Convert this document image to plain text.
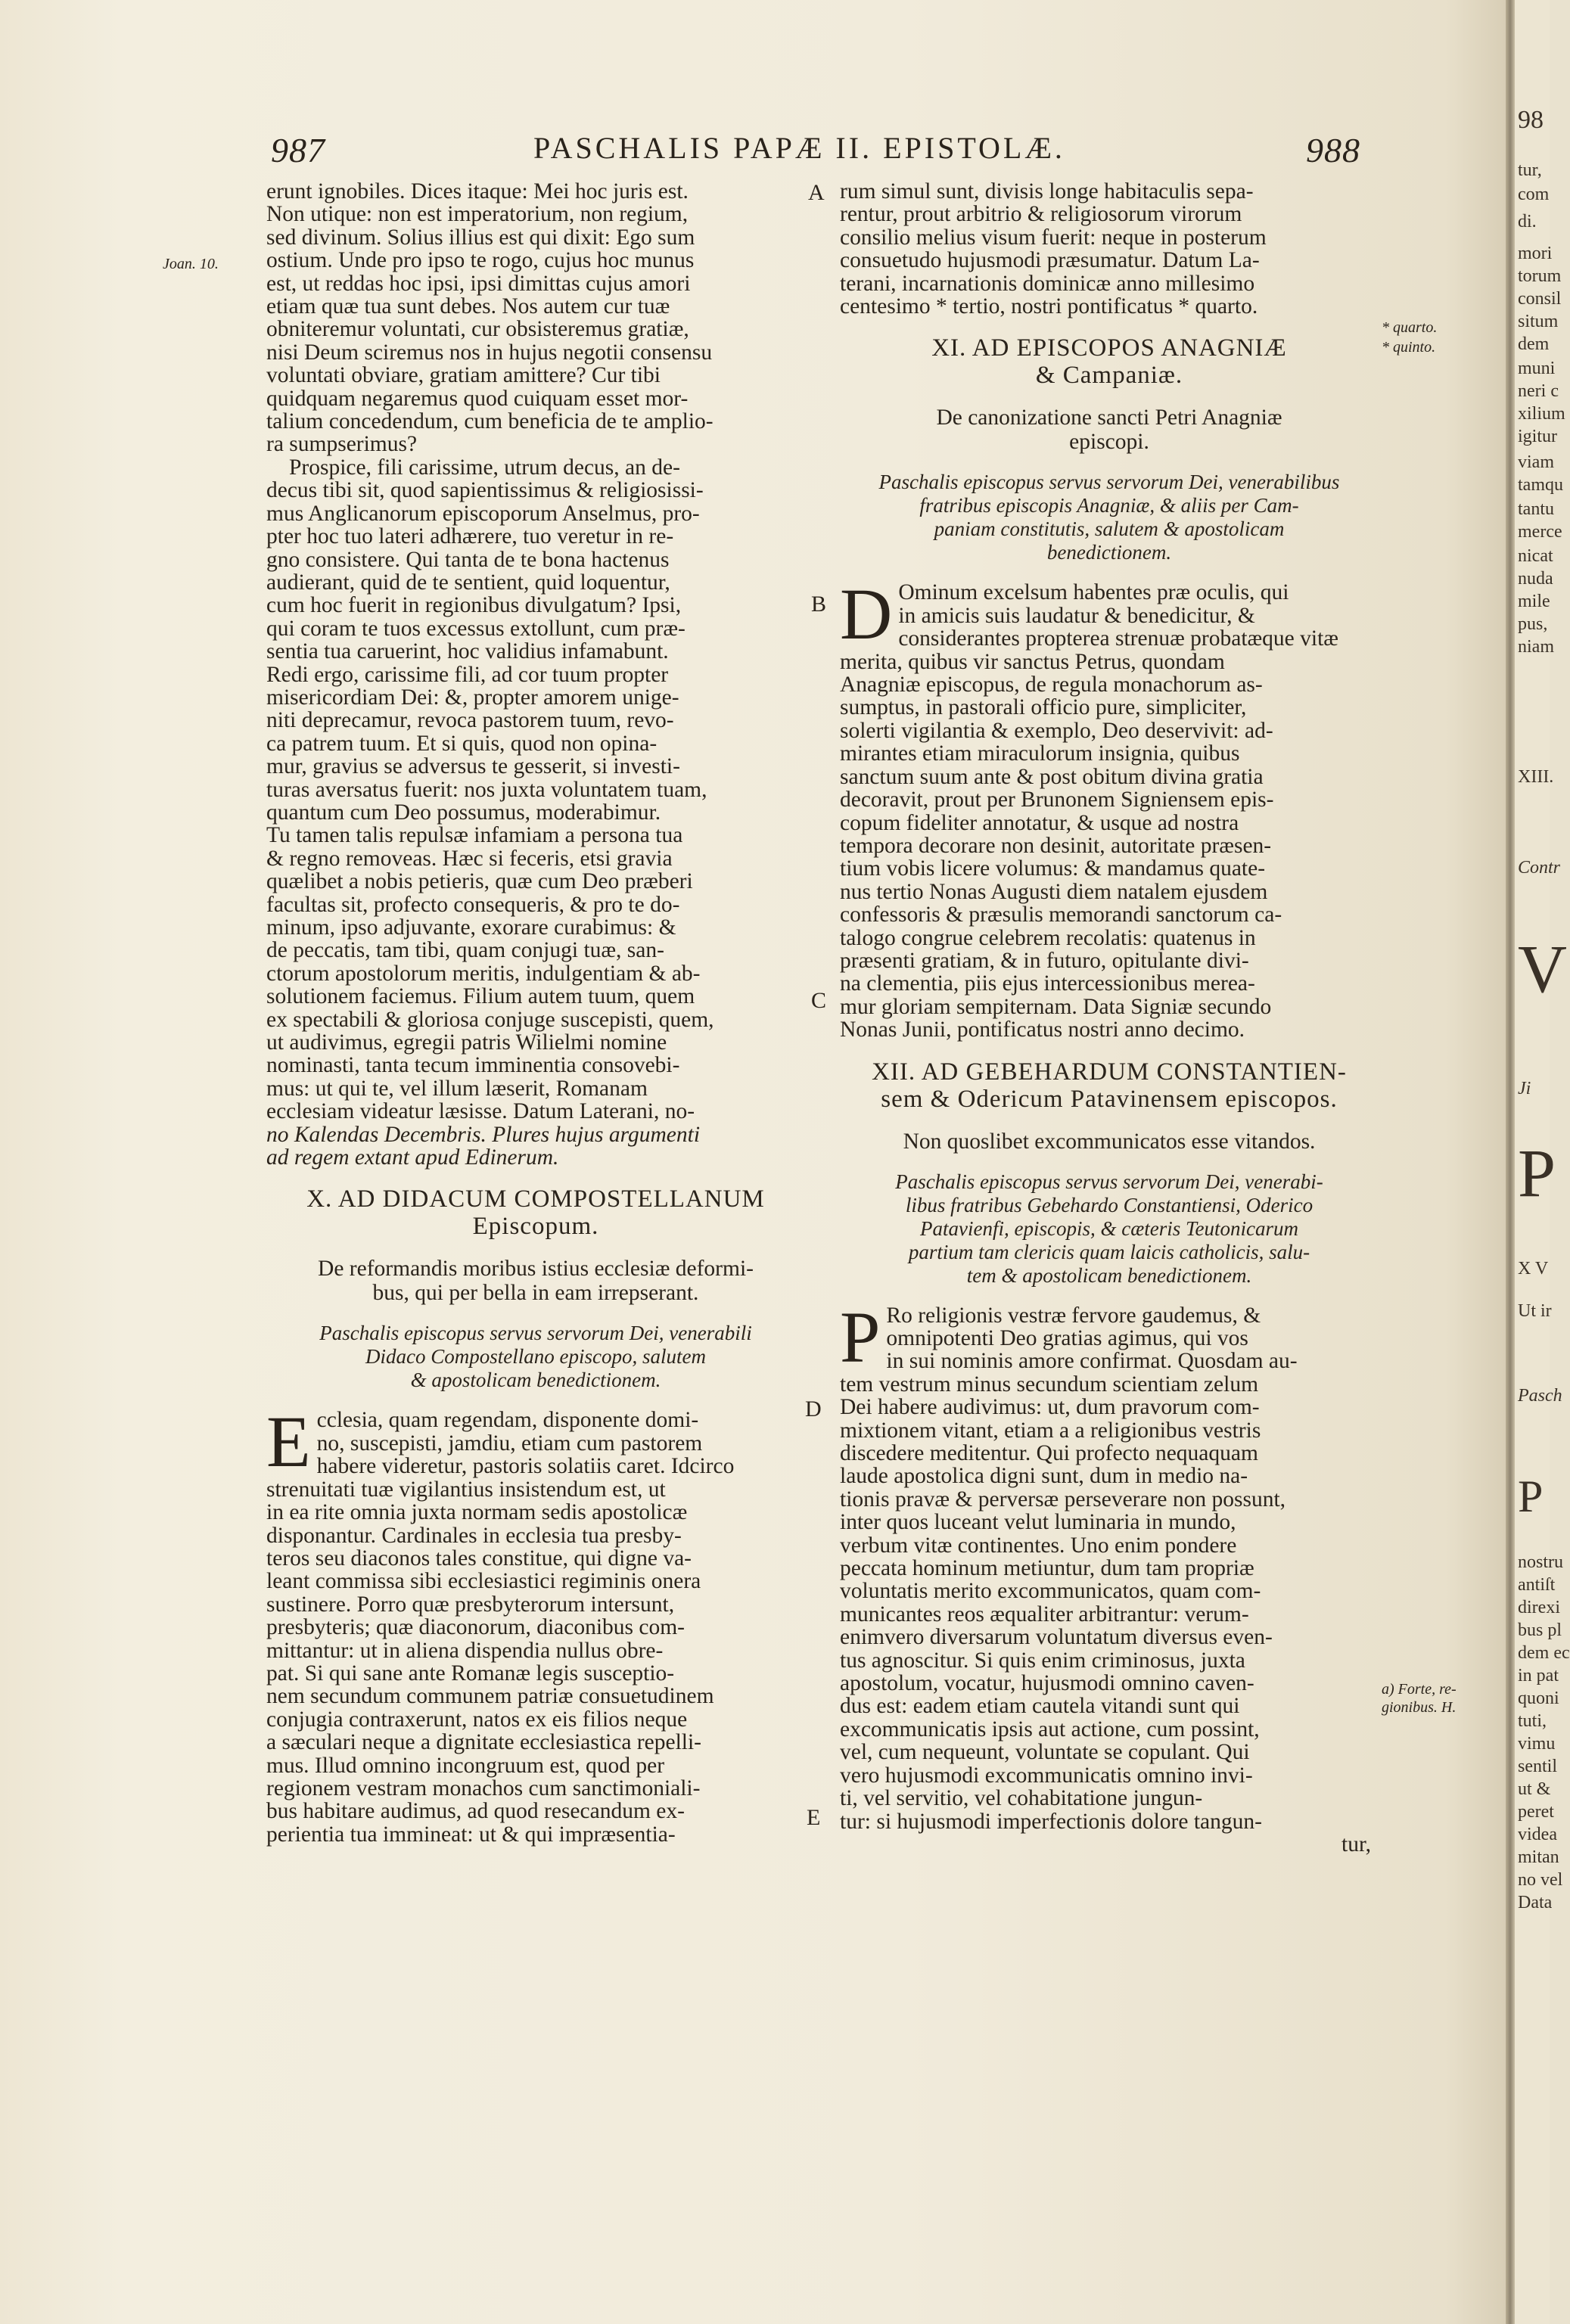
987	PASCHALIS PAPÆ II. EPISTOLÆ.	988
Joan. 10.
* quarto.
* quinto.
a) Forte, re-
gionibus. H.
A
B
C
D
E
erunt ignobiles. Dices itaque: Mei hoc juris est.
Non utique: non est imperatorium, non regium,
sed divinum. Solius illius est qui dixit: Ego sum
ostium. Unde pro ipso te rogo, cujus hoc munus
est, ut reddas hoc ipsi, ipsi dimittas cujus amori
etiam quæ tua sunt debes. Nos autem cur tuæ
obniteremur voluntati, cur obsisteremus gratiæ,
nisi Deum sciremus nos in hujus negotii consensu
voluntati obviare, gratiam amittere? Cur tibi
quidquam negaremus quod cuiquam esset mor-
talium concedendum, cum beneficia de te amplio-
ra sumpserimus?
Prospice, fili carissime, utrum decus, an de-
decus tibi sit, quod sapientissimus & religiosissi-
mus Anglicanorum episcoporum Anselmus, pro-
pter hoc tuo lateri adhærere, tuo veretur in re-
gno consistere. Qui tanta de te bona hactenus
audierant, quid de te sentient, quid loquentur,
cum hoc fuerit in regionibus divulgatum? Ipsi,
qui coram te tuos excessus extollunt, cum præ-
sentia tua caruerint, hoc validius infamabunt.
Redi ergo, carissime fili, ad cor tuum propter
misericordiam Dei: &, propter amorem unige-
niti deprecamur, revoca pastorem tuum, revo-
ca patrem tuum. Et si quis, quod non opina-
mur, gravius se adversus te gesserit, si investi-
turas aversatus fuerit: nos juxta voluntatem tuam,
quantum cum Deo possumus, moderabimur.
Tu tamen talis repulsæ infamiam a persona tua
& regno removeas. Hæc si feceris, etsi gravia
quælibet a nobis petieris, quæ cum Deo præberi
facultas sit, profecto consequeris, & pro te do-
minum, ipso adjuvante, exorare curabimus: &
de peccatis, tam tibi, quam conjugi tuæ, san-
ctorum apostolorum meritis, indulgentiam & ab-
solutionem faciemus. Filium autem tuum, quem
ex spectabili & gloriosa conjuge suscepisti, quem,
ut audivimus, egregii patris Wilielmi nomine
nominasti, tanta tecum imminentia consovebi-
mus: ut qui te, vel illum læserit, Romanam
ecclesiam videatur læsisse. Datum Laterani, no-
no Kalendas Decembris. Plures hujus argumenti
ad regem extant apud Edinerum.
X. AD DIDACUM COMPOSTELLANUM
Episcopum.
De reformandis moribus istius ecclesiæ deformi-
bus, qui per bella in eam irrepserant.
Paschalis episcopus servus servorum Dei, venerabili
Didaco Compostellano episcopo, salutem
& apostolicam benedictionem.
E cclesia, quam regendam, disponente domi-
no, suscepisti, jamdiu, etiam cum pastorem
habere videretur, pastoris solatiis caret. Idcirco
strenuitati tuæ vigilantius insistendum est, ut
in ea rite omnia juxta normam sedis apostolicæ
disponantur. Cardinales in ecclesia tua presby-
teros seu diaconos tales constitue, qui digne va-
leant commissa sibi ecclesiastici regiminis onera
sustinere. Porro quæ presbyterorum intersunt,
presbyteris; quæ diaconorum, diaconibus com-
mittantur: ut in aliena dispendia nullus obre-
pat. Si qui sane ante Romanæ legis susceptio-
nem secundum communem patriæ consuetudinem
conjugia contraxerunt, natos ex eis filios neque
a sæculari neque a dignitate ecclesiastica repelli-
mus. Illud omnino incongruum est, quod per
regionem vestram monachos cum sanctimoniali-
bus habitare audimus, ad quod resecandum ex-
perientia tua immineat: ut & qui impræsentia-
rum simul sunt, divisis longe habitaculis sepa-
rentur, prout arbitrio & religiosorum virorum
consilio melius visum fuerit: neque in posterum
consuetudo hujusmodi præsumatur. Datum La-
terani, incarnationis dominicæ anno millesimo
centesimo * tertio, nostri pontificatus * quarto.
XI. AD EPISCOPOS ANAGNIÆ
& Campaniæ.
De canonizatione sancti Petri Anagniæ
episcopi.
Paschalis episcopus servus servorum Dei, venerabilibus
fratribus episcopis Anagniæ, & aliis per Cam-
paniam constitutis, salutem & apostolicam
benedictionem.
D Ominum excelsum habentes præ oculis, qui
in amicis suis laudatur & benedicitur, &
considerantes propterea strenuæ probatæque vitæ
merita, quibus vir sanctus Petrus, quondam
Anagniæ episcopus, de regula monachorum as-
sumptus, in pastorali officio pure, simpliciter,
solerti vigilantia & exemplo, Deo deservivit: ad-
mirantes etiam miraculorum insignia, quibus
sanctum suum ante & post obitum divina gratia
decoravit, prout per Brunonem Signiensem epis-
copum fideliter annotatur, & usque ad nostra
tempora decorare non desinit, autoritate præsen-
tium vobis licere volumus: & mandamus quate-
nus tertio Nonas Augusti diem natalem ejusdem
confessoris & præsulis memorandi sanctorum ca-
talogo congrue celebrem recolatis: quatenus in
præsenti gratiam, & in futuro, opitulante divi-
na clementia, piis ejus intercessionibus merea-
mur gloriam sempiternam. Data Signiæ secundo
Nonas Junii, pontificatus nostri anno decimo.
XII. AD GEBEHARDUM CONSTANTIEN-
sem & Odericum Patavinensem episcopos.
Non quoslibet excommunicatos esse vitandos.
Paschalis episcopus servus servorum Dei, venerabi-
libus fratribus Gebehardo Constantiensi, Oderico
Patavienfi, episcopis, & cæteris Teutonicarum
partium tam clericis quam laicis catholicis, salu-
tem & apostolicam benedictionem.
P Ro religionis vestræ fervore gaudemus, &
omnipotenti Deo gratias agimus, qui vos
in sui nominis amore confirmat. Quosdam au-
tem vestrum minus secundum scientiam zelum
Dei habere audivimus: ut, dum pravorum com-
mixtionem vitant, etiam a a religionibus vestris
discedere meditentur. Qui profecto nequaquam
laude apostolica digni sunt, dum in medio na-
tionis pravæ & perversæ perseverare non possunt,
inter quos luceant velut luminaria in mundo,
verbum vitæ continentes. Uno enim pondere
peccata hominum metiuntur, dum tam propriæ
voluntatis merito excommunicatos, quam com-
municantes reos æqualiter arbitrantur: verum-
enimvero diversarum voluntatum diversus even-
tus agnoscitur. Si quis enim criminosus, juxta
apostolum, vocatur, hujusmodi omnino caven-
dus est: eadem etiam cautela vitandi sunt qui
excommunicatis ipsis aut actione, cum possint,
vel, cum nequeunt, voluntate se copulant. Qui
vero hujusmodi excommunicatis omnino invi-
ti, vel servitio, vel cohabitatione jungun-
tur: si hujusmodi imperfectionis dolore tangun-
tur,
98
tur,
com
di.
mori
torum
consil
situm
dem
muni
neri c
xilium
igitur
viam
tamqu
tantu
merce
nicat
nuda
mile
pus,
niam
XIII.
Contr
V
Ji
P
X V
Ut ir
Pasch
P
nostru
antiſt
direxi
bus pl
dem ec
in pat
quoni
tuti,
vimu
sentil
ut &
peret
videa
mitan
no vel
Data
